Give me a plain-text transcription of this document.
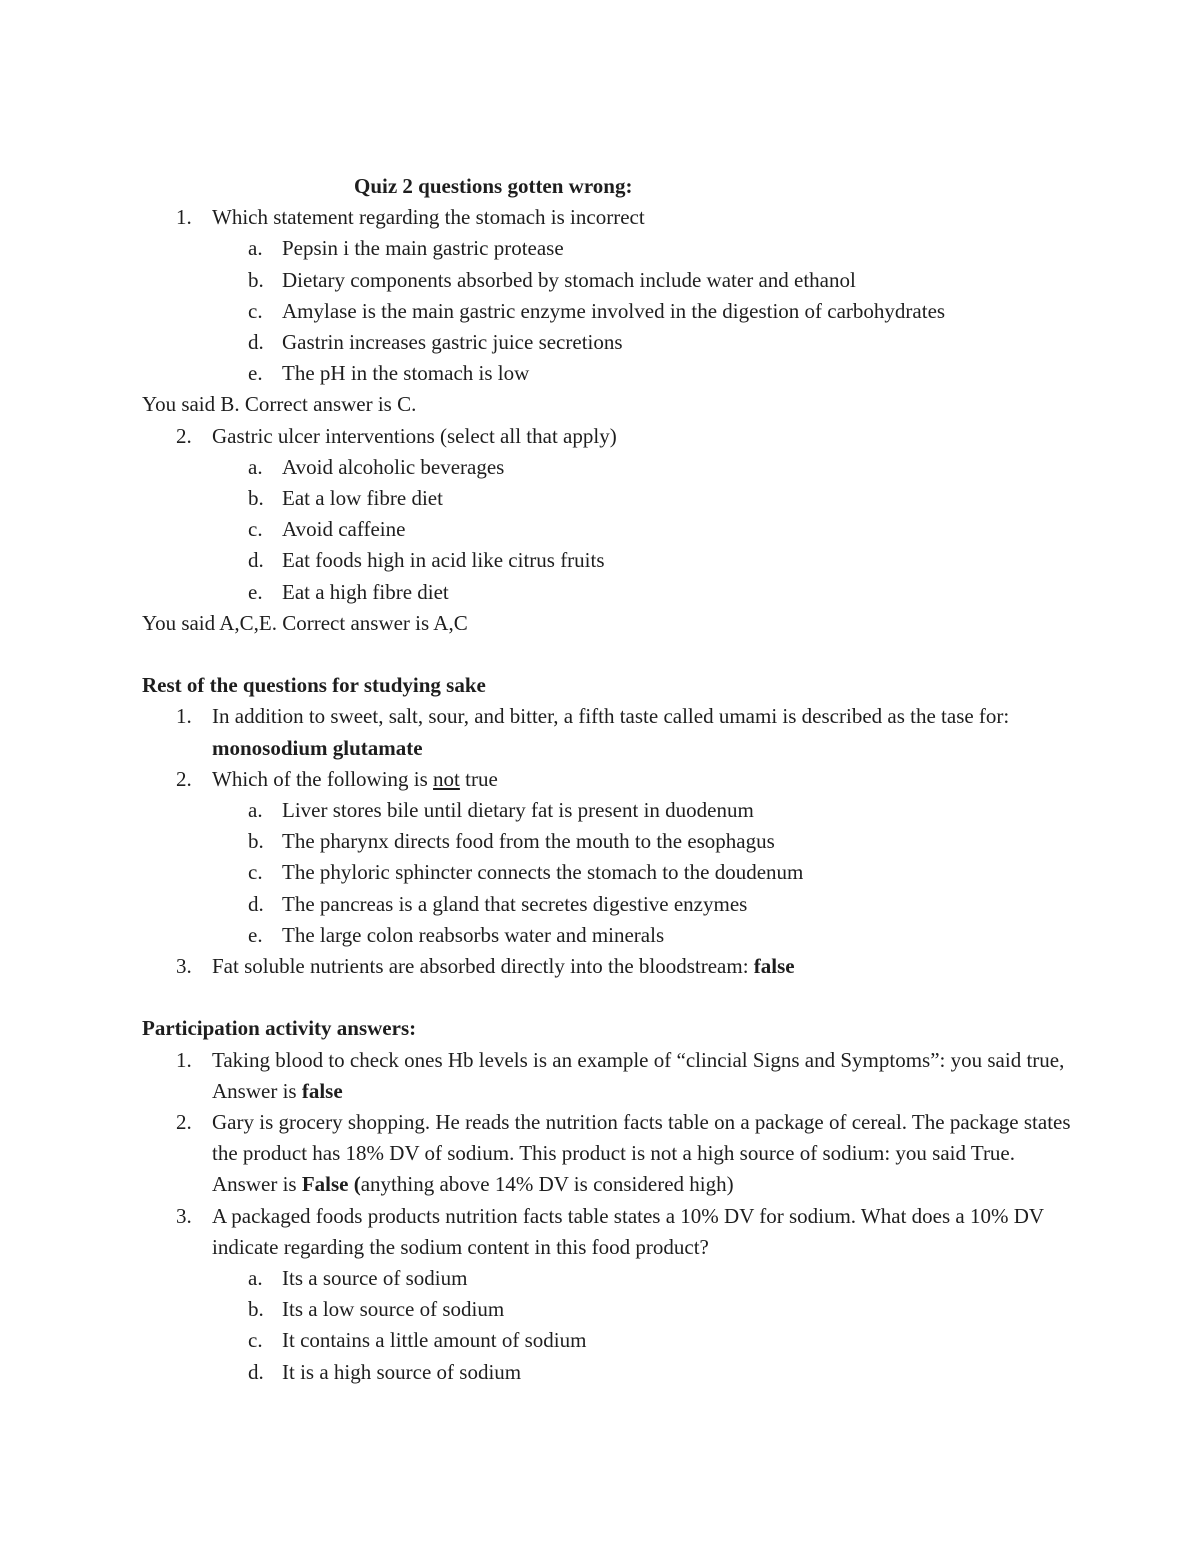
Quiz 2 questions gotten wrong:
1. Which statement regarding the stomach is incorrect
a. Pepsin i the main gastric protease
b. Dietary components absorbed by stomach include water and ethanol
c. Amylase is the main gastric enzyme involved in the digestion of carbohydrates
d. Gastrin increases gastric juice secretions
e. The pH in the stomach is low
You said B. Correct answer is C.
2. Gastric ulcer interventions (select all that apply)
a. Avoid alcoholic beverages
b. Eat a low fibre diet
c. Avoid caffeine
d. Eat foods high in acid like citrus fruits
e. Eat a high fibre diet
You said A,C,E. Correct answer is A,C
Rest of the questions for studying sake
1. In addition to sweet, salt, sour, and bitter, a fifth taste called umami is described as the tase for: monosodium glutamate
2. Which of the following is not true
a. Liver stores bile until dietary fat is present in duodenum
b. The pharynx directs food from the mouth to the esophagus
c. The phyloric sphincter connects the stomach to the doudenum
d. The pancreas is a gland that secretes digestive enzymes
e. The large colon reabsorbs water and minerals
3. Fat soluble nutrients are absorbed directly into the bloodstream: false
Participation activity answers:
1. Taking blood to check ones Hb levels is an example of “clincial Signs and Symptoms”: you said true, Answer is false
2. Gary is grocery shopping. He reads the nutrition facts table on a package of cereal. The package states the product has 18% DV of sodium. This product is not a high source of sodium: you said True. Answer is False (anything above 14% DV is considered high)
3. A packaged foods products nutrition facts table states a 10% DV for sodium. What does a 10% DV indicate regarding the sodium content in this food product?
a. Its a source of sodium
b. Its a low source of sodium
c. It contains a little amount of sodium
d. It is a high source of sodium
